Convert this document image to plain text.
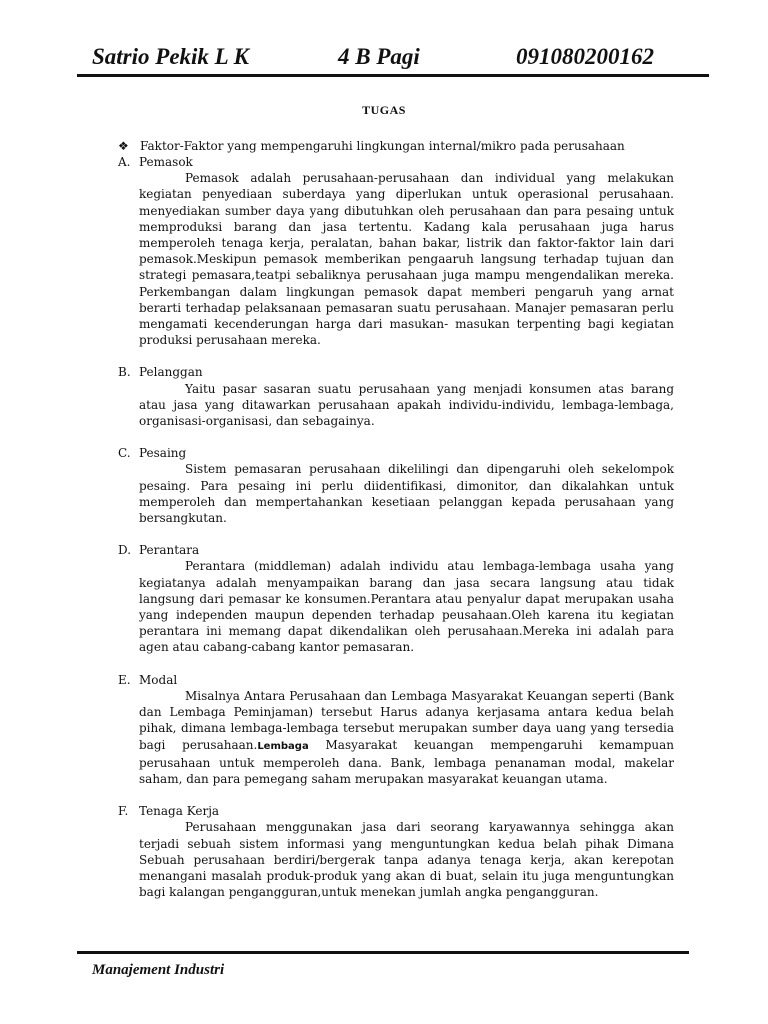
Satrio Pekik L K	4 B Pagi	091080200162
TUGAS
❖ Faktor-Faktor yang mempengaruhi lingkungan internal/mikro pada perusahaan
A. Pemasok
Pemasok adalah perusahaan-perusahaan dan individual yang melakukan kegiatan penyediaan suberdaya yang diperlukan untuk operasional perusahaan. menyediakan sumber daya yang dibutuhkan oleh perusahaan dan para pesaing untuk memproduksi barang dan jasa tertentu. Kadang kala perusahaan juga harus memperoleh tenaga kerja, peralatan, bahan bakar, listrik dan faktor-faktor lain dari pemasok.Meskipun pemasok memberikan pengaaruh langsung terhadap tujuan dan strategi pemasara,teatpi sebaliknya perusahaan juga mampu mengendalikan mereka. Perkembangan dalam lingkungan pemasok dapat memberi pengaruh yang arnat berarti terhadap pelaksanaan pemasaran suatu perusahaan. Manajer pemasaran perlu mengamati kecenderungan harga dari masukan- masukan terpenting bagi kegiatan produksi perusahaan mereka.
B. Pelanggan
Yaitu pasar sasaran suatu perusahaan yang menjadi konsumen atas barang atau jasa yang ditawarkan perusahaan apakah individu-individu, lembaga-lembaga, organisasi-organisasi, dan sebagainya.
C. Pesaing
Sistem pemasaran perusahaan dikelilingi dan dipengaruhi oleh sekelompok pesaing. Para pesaing ini perlu diidentifikasi, dimonitor, dan dikalahkan untuk memperoleh dan mempertahankan kesetiaan pelanggan kepada perusahaan yang bersangkutan.
D. Perantara
Perantara (middleman) adalah individu atau lembaga-lembaga usaha yang kegiatanya adalah menyampaikan barang dan jasa secara langsung atau tidak langsung dari pemasar ke konsumen.Perantara atau penyalur dapat merupakan usaha yang independen maupun dependen terhadap peusahaan.Oleh karena itu kegiatan perantara ini memang dapat dikendalikan oleh perusahaan.Mereka ini adalah para agen atau cabang-cabang kantor pemasaran.
E. Modal
Misalnya Antara Perusahaan dan Lembaga Masyarakat Keuangan seperti (Bank dan Lembaga Peminjaman) tersebut Harus adanya kerjasama antara kedua belah pihak, dimana lembaga-lembaga tersebut merupakan sumber daya uang yang tersedia bagi perusahaan.Lembaga Masyarakat keuangan mempengaruhi kemampuan perusahaan untuk memperoleh dana. Bank, lembaga penanaman modal, makelar saham, dan para pemegang saham merupakan masyarakat keuangan utama.
F. Tenaga Kerja
Perusahaan menggunakan jasa dari seorang karyawannya sehingga akan terjadi sebuah sistem informasi yang menguntungkan kedua belah pihak Dimana Sebuah perusahaan berdiri/bergerak tanpa adanya tenaga kerja, akan kerepotan menangani masalah produk-produk yang akan di buat, selain itu juga menguntungkan bagi kalangan pengangguran,untuk menekan jumlah angka pengangguran.
Manajement Industri
